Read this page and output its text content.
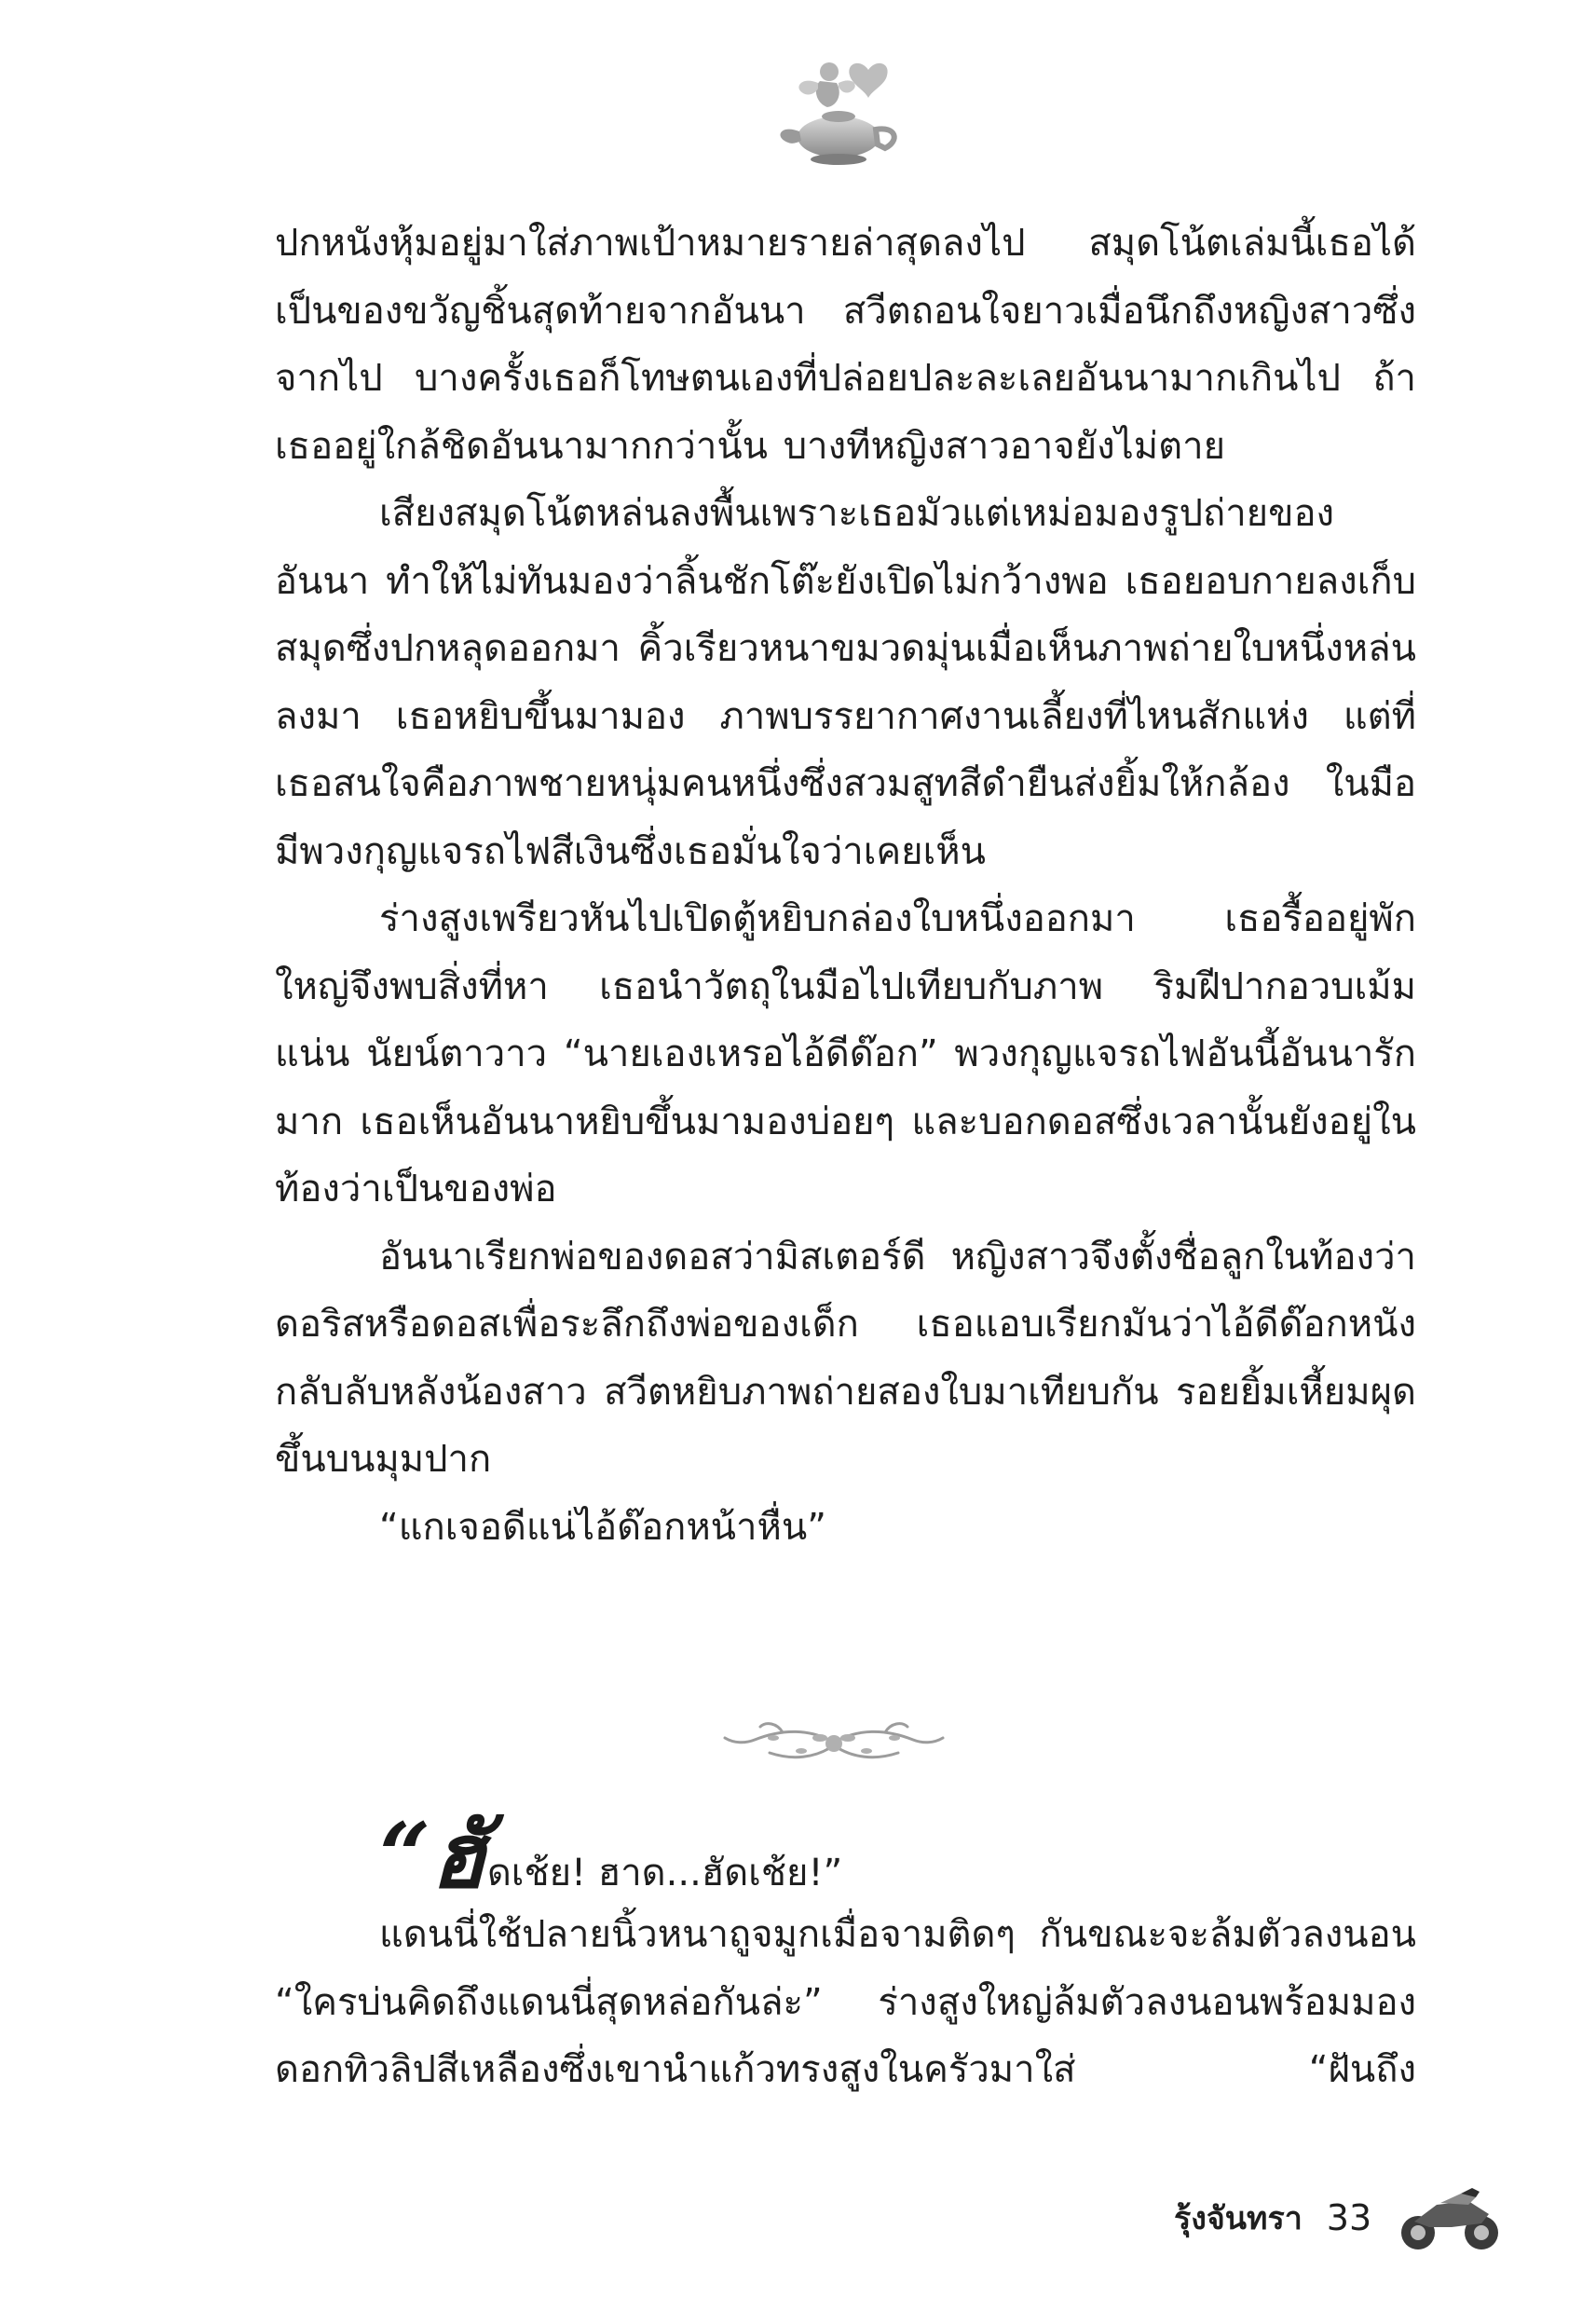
ปกหนังหุ้มอยู่มาใส่ภาพเป้าหมายรายล่าสุดลงไป สมุดโน้ตเล่มนี้เธอได้เป็นของขวัญชิ้นสุดท้ายจากอันนา สวีตถอนใจยาวเมื่อนึกถึงหญิงสาวซึ่งจากไป บางครั้งเธอก็โทษตนเองที่ปล่อยปละละเลยอันนามากเกินไป ถ้าเธออยู่ใกล้ชิดอันนามากกว่านั้น บางทีหญิงสาวอาจยังไม่ตาย

เสียงสมุดโน้ตหล่นลงพื้นเพราะเธอมัวแต่เหม่อมองรูปถ่ายของอันนา ทำให้ไม่ทันมองว่าลิ้นชักโต๊ะยังเปิดไม่กว้างพอ เธอยอบกายลงเก็บสมุดซึ่งปกหลุดออกมา คิ้วเรียวหนาขมวดมุ่นเมื่อเห็นภาพถ่ายใบหนึ่งหล่นลงมา เธอหยิบขึ้นมามอง ภาพบรรยากาศงานเลี้ยงที่ไหนสักแห่ง แต่ที่เธอสนใจคือภาพชายหนุ่มคนหนึ่งซึ่งสวมสูทสีดำยืนส่งยิ้มให้กล้อง ในมือมีพวงกุญแจรถไฟสีเงินซึ่งเธอมั่นใจว่าเคยเห็น

ร่างสูงเพรียวหันไปเปิดตู้หยิบกล่องใบหนึ่งออกมา เธอรื้ออยู่พักใหญ่จึงพบสิ่งที่หา เธอนำวัตถุในมือไปเทียบกับภาพ ริมฝีปากอวบเม้มแน่น นัยน์ตาวาว “นายเองเหรอไอ้ดีด๊อก” พวงกุญแจรถไฟอันนี้อันนารักมาก เธอเห็นอันนาหยิบขึ้นมามองบ่อยๆ และบอกดอสซึ่งเวลานั้นยังอยู่ในท้องว่าเป็นของพ่อ

อันนาเรียกพ่อของดอสว่ามิสเตอร์ดี หญิงสาวจึงตั้งชื่อลูกในท้องว่าดอริสหรือดอสเพื่อระลึกถึงพ่อของเด็ก เธอแอบเรียกมันว่าไอ้ดีด๊อกหนังกลับลับหลังน้องสาว สวีตหยิบภาพถ่ายสองใบมาเทียบกัน รอยยิ้มเหี้ยมผุดขึ้นบนมุมปาก

“แกเจอดีแน่ไอ้ด๊อกหน้าหื่น”

“ฮั ดเช้ย! ฮาด...ฮัดเช้ย!”

แดนนี่ใช้ปลายนิ้วหนาถูจมูกเมื่อจามติดๆ กันขณะจะล้มตัวลงนอน “ใครบ่นคิดถึงแดนนี่สุดหล่อกันล่ะ” ร่างสูงใหญ่ล้มตัวลงนอนพร้อมมองดอกทิวลิปสีเหลืองซึ่งเขานำแก้วทรงสูงในครัวมาใส่ “ฝันถึง

รุ้งจันทรา 33
